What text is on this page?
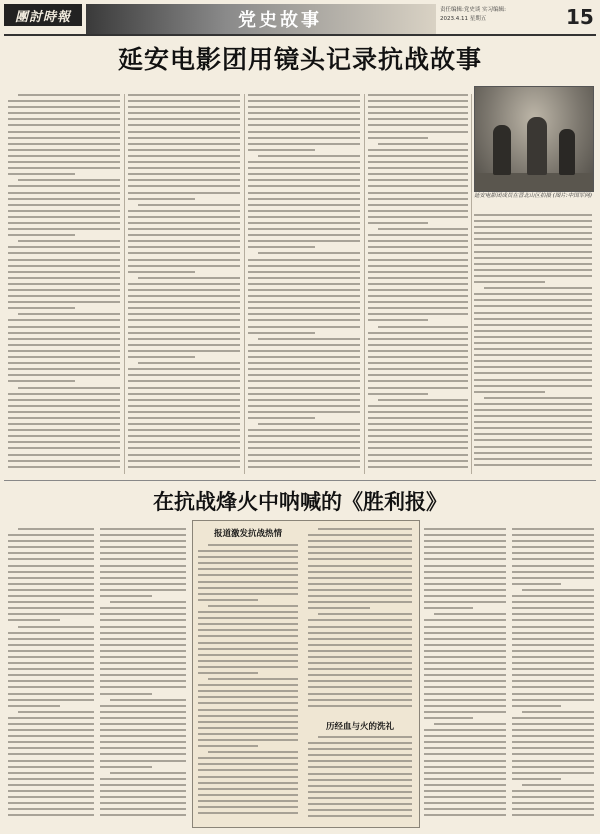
團討時報	党史故事	责任编辑:党史谈 实习编辑:
2023.4.11 星期五	15
延安电影团用镜头记录抗战故事
延安电影团成员在晋北山区拍摄 (图片:中国军网)
在抗战烽火中呐喊的《胜利报》
报道激发抗战热情
历经血与火的洗礼
